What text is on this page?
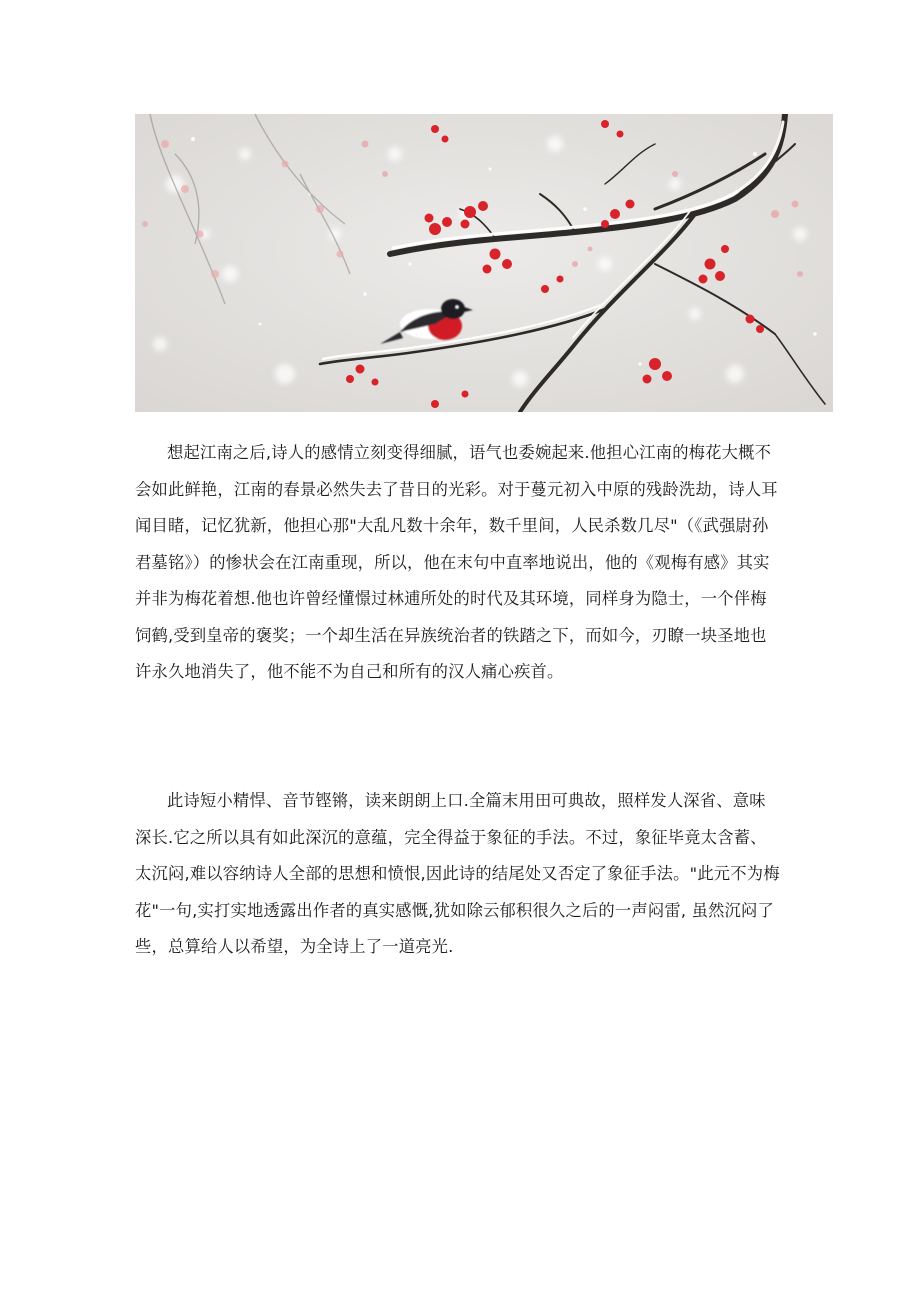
想起江南之后,诗人的感情立刻变得细腻，语气也委婉起来.他担心江南的梅花大概不
会如此鲜艳，江南的春景必然失去了昔日的光彩。对于蔓元初入中原的残龄洗劫，诗人耳
闻目睹，记忆犹新，他担心那"大乱凡数十余年，数千里间，人民杀数几尽"（《武强尉孙
君墓铭》）的惨状会在江南重现，所以，他在末句中直率地说出，他的《观梅有感》其实
并非为梅花着想.他也许曾经懂憬过林逋所处的时代及其环境，同样身为隐士，一个伴梅
饲鹤,受到皇帝的褒奖；一个却生活在异族统治者的铁踏之下，而如今，刃瞭一块圣地也
许永久地消失了，他不能不为自己和所有的汉人痛心疾首。
此诗短小精悍、音节铿锵，读来朗朗上口.全篇末用田可典故，照样发人深省、意味
深长.它之所以具有如此深沉的意蕴，完全得益于象征的手法。不过，象征毕竟太含蓄、
太沉闷,难以容纳诗人全部的思想和愤恨,因此诗的结尾处又否定了象征手法。"此元不为梅
花"一句,实打实地透露出作者的真实感慨,犹如除云郁积很久之后的一声闷雷, 虽然沉闷了
些，总算给人以希望，为全诗上了一道亮光.
